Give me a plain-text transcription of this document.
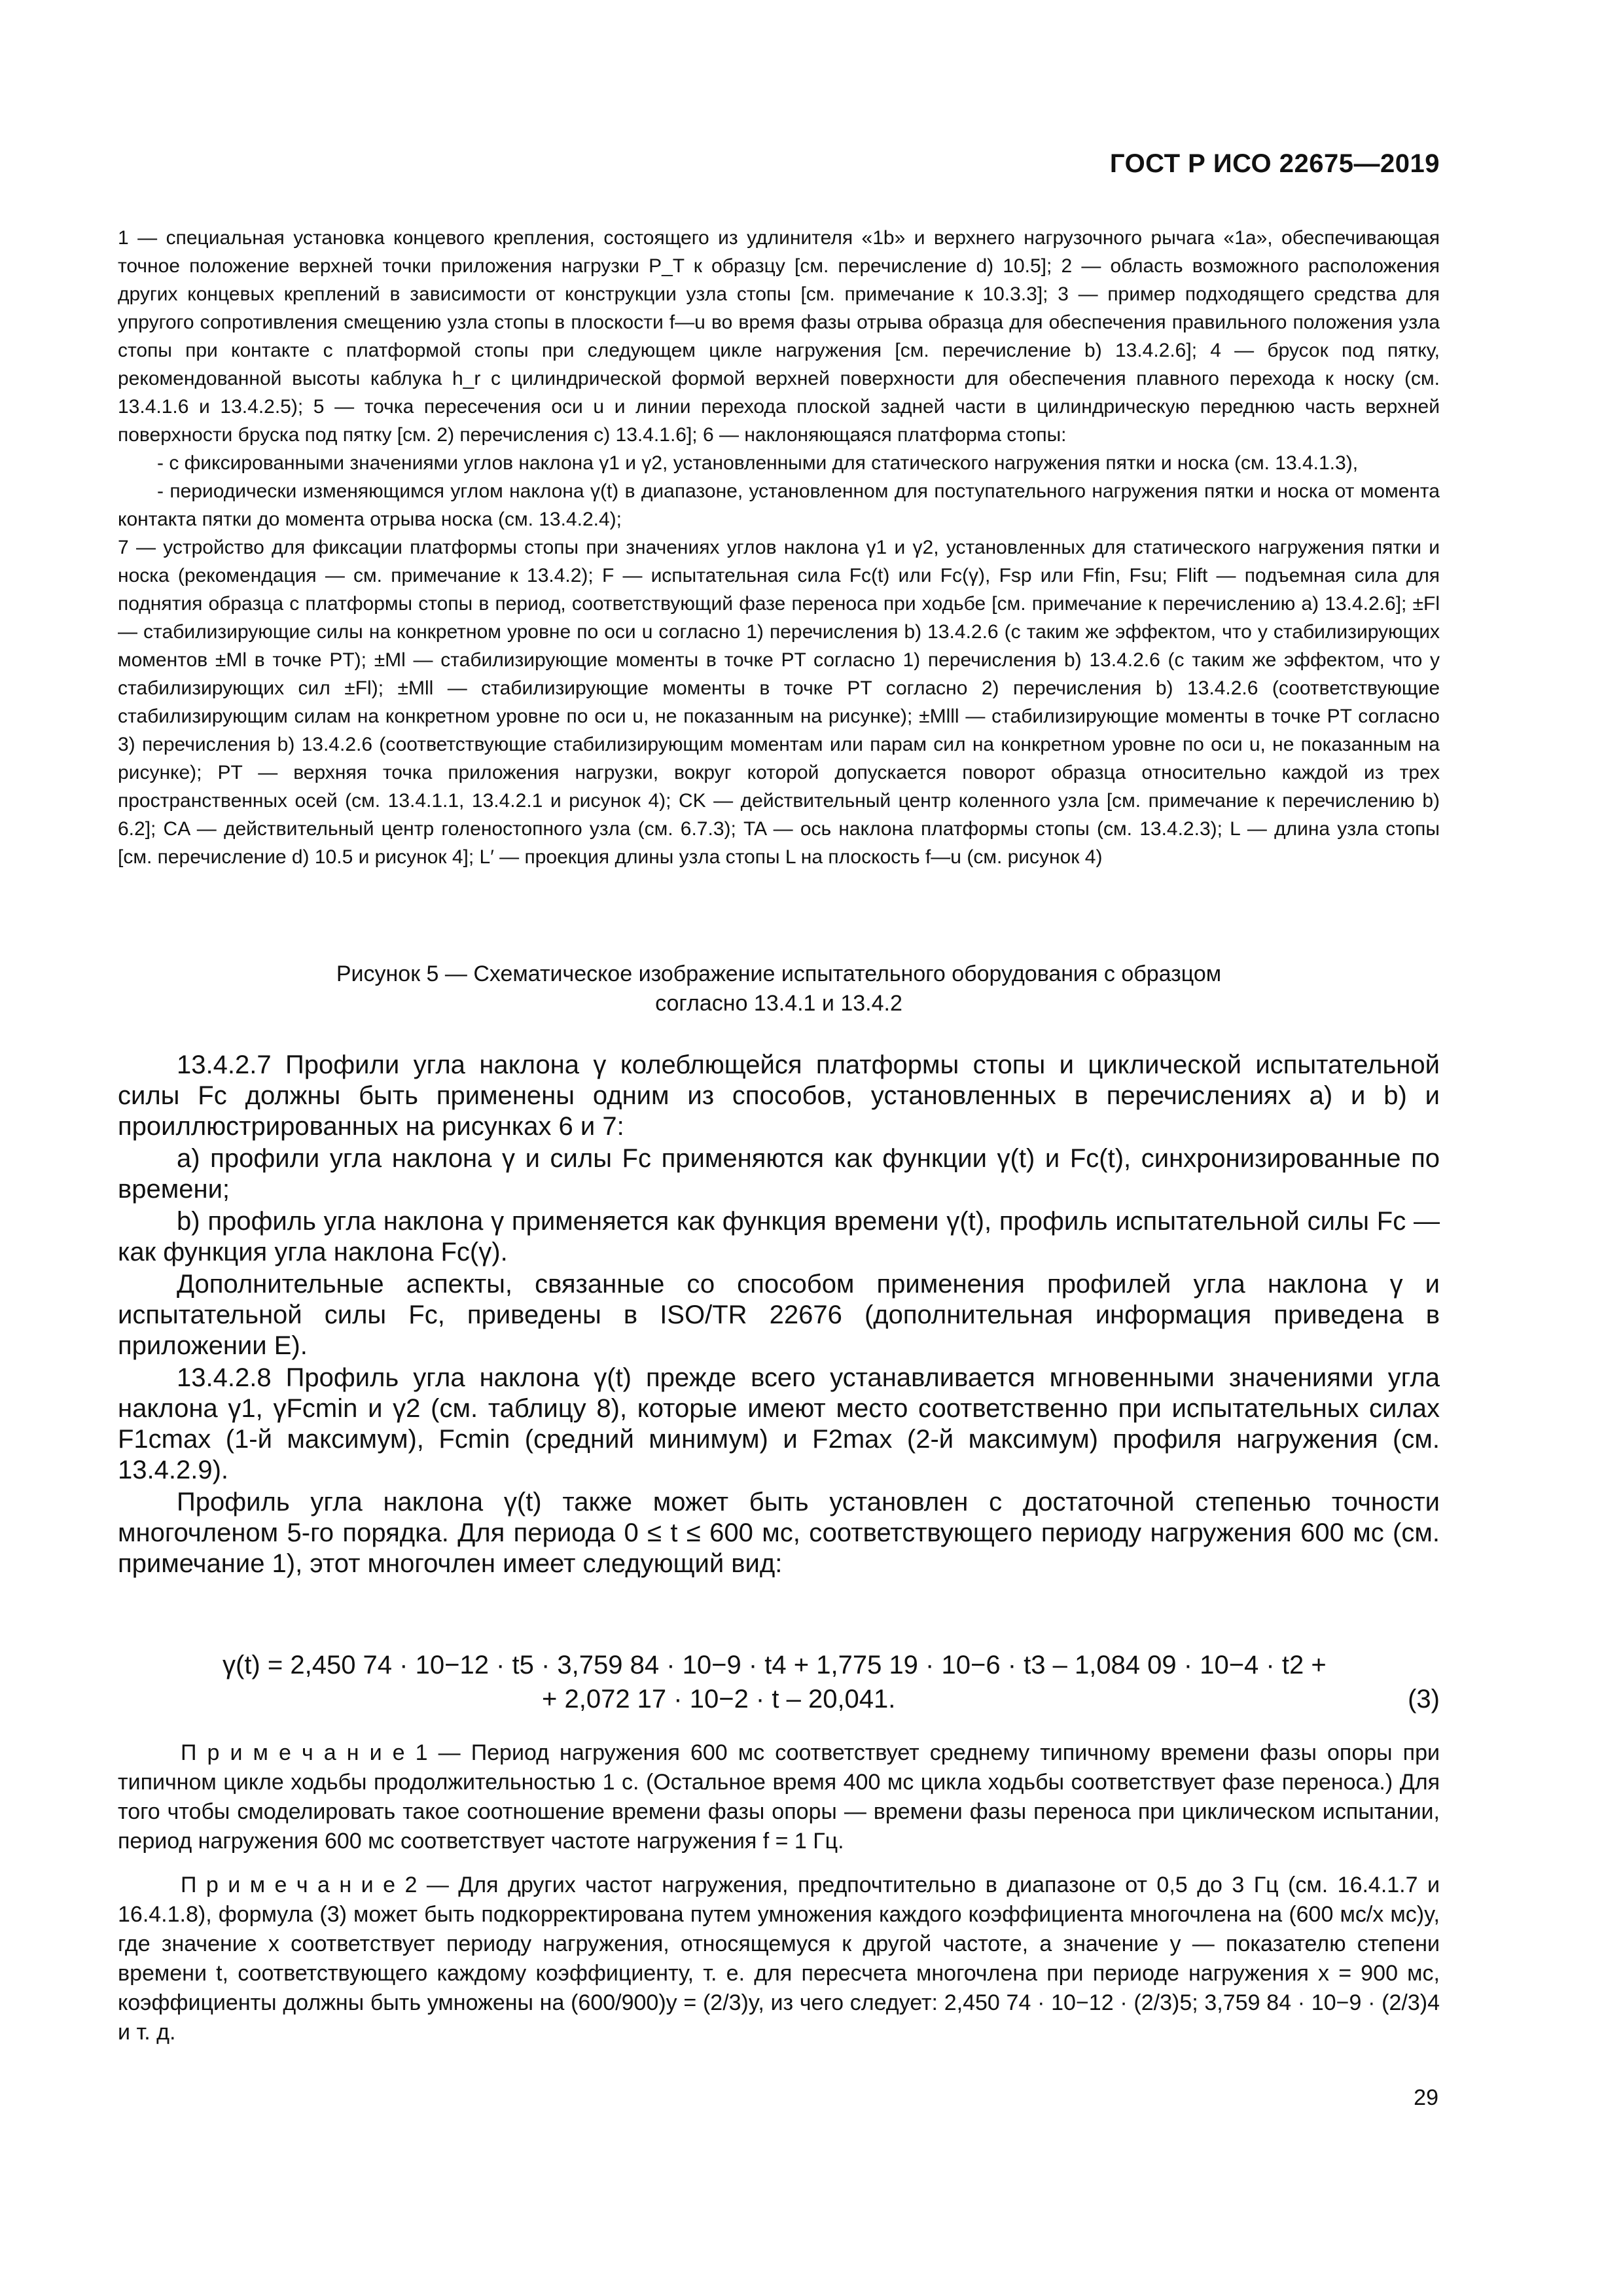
ГОСТ Р ИСО 22675—2019

1 — специальная установка концевого крепления, состоящего из удлинителя «1b» и верхнего нагрузочного рычага «1a», обеспечивающая точное положение верхней точки приложения нагрузки P_T к образцу [см. перечисление d) 10.5]; 2 — область возможного расположения других концевых креплений в зависимости от конструкции узла стопы [см. примечание к 10.3.3]; 3 — пример подходящего средства для упругого сопротивления смещению узла стопы в плоскости f—u во время фазы отрыва образца для обеспечения правильного положения узла стопы при контакте с платформой стопы при следующем цикле нагружения [см. перечисление b) 13.4.2.6]; 4 — брусок под пятку, рекомендованной высоты каблука h_r с цилиндрической формой верхней поверхности для обеспечения плавного перехода к носку (см. 13.4.1.6 и 13.4.2.5); 5 — точка пересечения оси u и линии перехода плоской задней части в цилиндрическую переднюю часть верхней поверхности бруска под пятку [см. 2) перечисления c) 13.4.1.6]; 6 — наклоняющаяся платформа стопы:

- с фиксированными значениями углов наклона γ1 и γ2, установленными для статического нагружения пятки и носка (см. 13.4.1.3),

- периодически изменяющимся углом наклона γ(t) в диапазоне, установленном для поступательного нагружения пятки и носка от момента контакта пятки до момента отрыва носка (см. 13.4.2.4);

7 — устройство для фиксации платформы стопы при значениях углов наклона γ1 и γ2, установленных для статического нагружения пятки и носка (рекомендация — см. примечание к 13.4.2); F — испытательная сила Fc(t) или Fc(γ), Fsp или Ffin, Fsu; Flift — подъемная сила для поднятия образца с платформы стопы в период, соответствующий фазе переноса при ходьбе [см. примечание к перечислению a) 13.4.2.6]; ±Fl — стабилизирующие силы на конкретном уровне по оси u согласно 1) перечисления b) 13.4.2.6 (с таким же эффектом, что у стабилизирующих моментов ±Ml в точке PT); ±Ml — стабилизирующие моменты в точке PT согласно 1) перечисления b) 13.4.2.6 (с таким же эффектом, что у стабилизирующих сил ±Fl); ±Mll — стабилизирующие моменты в точке PT согласно 2) перечисления b) 13.4.2.6 (соответствующие стабилизирующим силам на конкретном уровне по оси u, не показанным на рисунке); ±Mlll — стабилизирующие моменты в точке PT согласно 3) перечисления b) 13.4.2.6 (соответствующие стабилизирующим моментам или парам сил на конкретном уровне по оси u, не показанным на рисунке); PT — верхняя точка приложения нагрузки, вокруг которой допускается поворот образца относительно каждой из трех пространственных осей (см. 13.4.1.1, 13.4.2.1 и рисунок 4); CK — действительный центр коленного узла [см. примечание к перечислению b) 6.2]; CA — действительный центр голеностопного узла (см. 6.7.3); TA — ось наклона платформы стопы (см. 13.4.2.3); L — длина узла стопы [см. перечисление d) 10.5 и рисунок 4]; L′ — проекция длины узла стопы L на плоскость f—u (см. рисунок 4)

Рисунок 5 — Схематическое изображение испытательного оборудования с образцом
согласно 13.4.1 и 13.4.2

13.4.2.7 Профили угла наклона γ колеблющейся платформы стопы и циклической испытательной силы Fc должны быть применены одним из способов, установленных в перечислениях a) и b) и проиллюстрированных на рисунках 6 и 7:

a) профили угла наклона γ и силы Fc применяются как функции γ(t) и Fc(t), синхронизированные по времени;

b) профиль угла наклона γ применяется как функция времени γ(t), профиль испытательной силы Fc — как функция угла наклона Fc(γ).

Дополнительные аспекты, связанные со способом применения профилей угла наклона γ и испытательной силы Fc, приведены в ISO/TR 22676 (дополнительная информация приведена в приложении E).

13.4.2.8 Профиль угла наклона γ(t) прежде всего устанавливается мгновенными значениями угла наклона γ1, γFcmin и γ2 (см. таблицу 8), которые имеют место соответственно при испытательных силах F1cmax (1-й максимум), Fcmin (средний минимум) и F2max (2-й максимум) профиля нагружения (см. 13.4.2.9).

Профиль угла наклона γ(t) также может быть установлен с достаточной степенью точности многочленом 5-го порядка. Для периода 0 ≤ t ≤ 600 мс, соответствующего периоду нагружения 600 мс (см. примечание 1), этот многочлен имеет следующий вид:

γ(t) = 2,450 74 · 10−12 · t5 · 3,759 84 · 10−9 · t4 + 1,775 19 · 10−6 · t3 – 1,084 09 · 10−4 · t2 +
+ 2,072 17 · 10−2 · t – 20,041.	(3)

П р и м е ч а н и е 1 — Период нагружения 600 мс соответствует среднему типичному времени фазы опоры при типичном цикле ходьбы продолжительностью 1 с. (Остальное время 400 мс цикла ходьбы соответствует фазе переноса.) Для того чтобы смоделировать такое соотношение времени фазы опоры — времени фазы переноса при циклическом испытании, период нагружения 600 мс соответствует частоте нагружения f = 1 Гц.

П р и м е ч а н и е 2 — Для других частот нагружения, предпочтительно в диапазоне от 0,5 до 3 Гц (см. 16.4.1.7 и 16.4.1.8), формула (3) может быть подкорректирована путем умножения каждого коэффициента многочлена на (600 мс/x мс)y, где значение x соответствует периоду нагружения, относящемуся к другой частоте, а значение y — показателю степени времени t, соответствующего каждому коэффициенту, т. е. для пересчета многочлена при периоде нагружения x = 900 мс, коэффициенты должны быть умножены на (600/900)y = (2/3)y, из чего следует: 2,450 74 · 10−12 · (2/3)5; 3,759 84 · 10−9 · (2/3)4 и т. д.

29
